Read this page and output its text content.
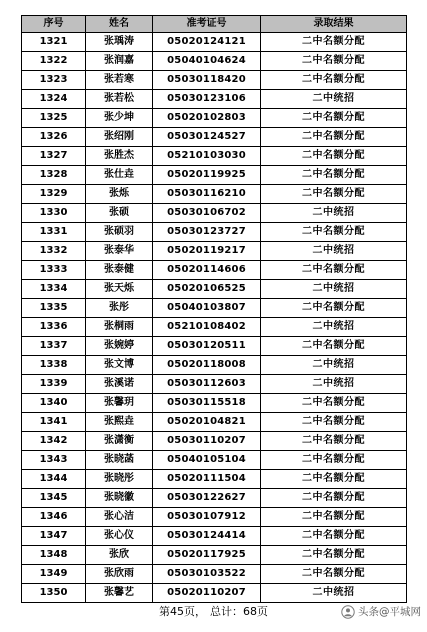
序号	姓名	准考证号	录取结果
1321	张瑀涛	05020124121	二中名额分配
1322	张润嘉	05040104624	二中名额分配
1323	张若寒	05030118420	二中名额分配
1324	张若松	05030123106	二中统招
1325	张少坤	05020102803	二中名额分配
1326	张绍刚	05030124527	二中名额分配
1327	张胜杰	05210103030	二中名额分配
1328	张仕垚	05020119925	二中名额分配
1329	张烁	05030116210	二中名额分配
1330	张硕	05030106702	二中统招
1331	张硕羽	05030123727	二中名额分配
1332	张泰华	05020119217	二中统招
1333	张泰健	05020114606	二中名额分配
1334	张天烁	05020106525	二中统招
1335	张彤	05040103807	二中名额分配
1336	张桐雨	05210108402	二中统招
1337	张婉婷	05030120511	二中名额分配
1338	张文博	05020118008	二中统招
1339	张溪诺	05030112603	二中统招
1340	张馨玥	05030115518	二中名额分配
1341	张熙垚	05020104821	二中名额分配
1342	张潇衡	05030110207	二中名额分配
1343	张晓菡	05040105104	二中名额分配
1344	张晓彤	05020111504	二中名额分配
1345	张晓徽	05030122627	二中名额分配
1346	张心洁	05030107912	二中名额分配
1347	张心仪	05030124414	二中名额分配
1348	张欣	05020117925	二中名额分配
1349	张欣雨	05030103522	二中名额分配
1350	张馨艺	05020110207	二中统招
第45页， 总计：68页	头条@平城网
